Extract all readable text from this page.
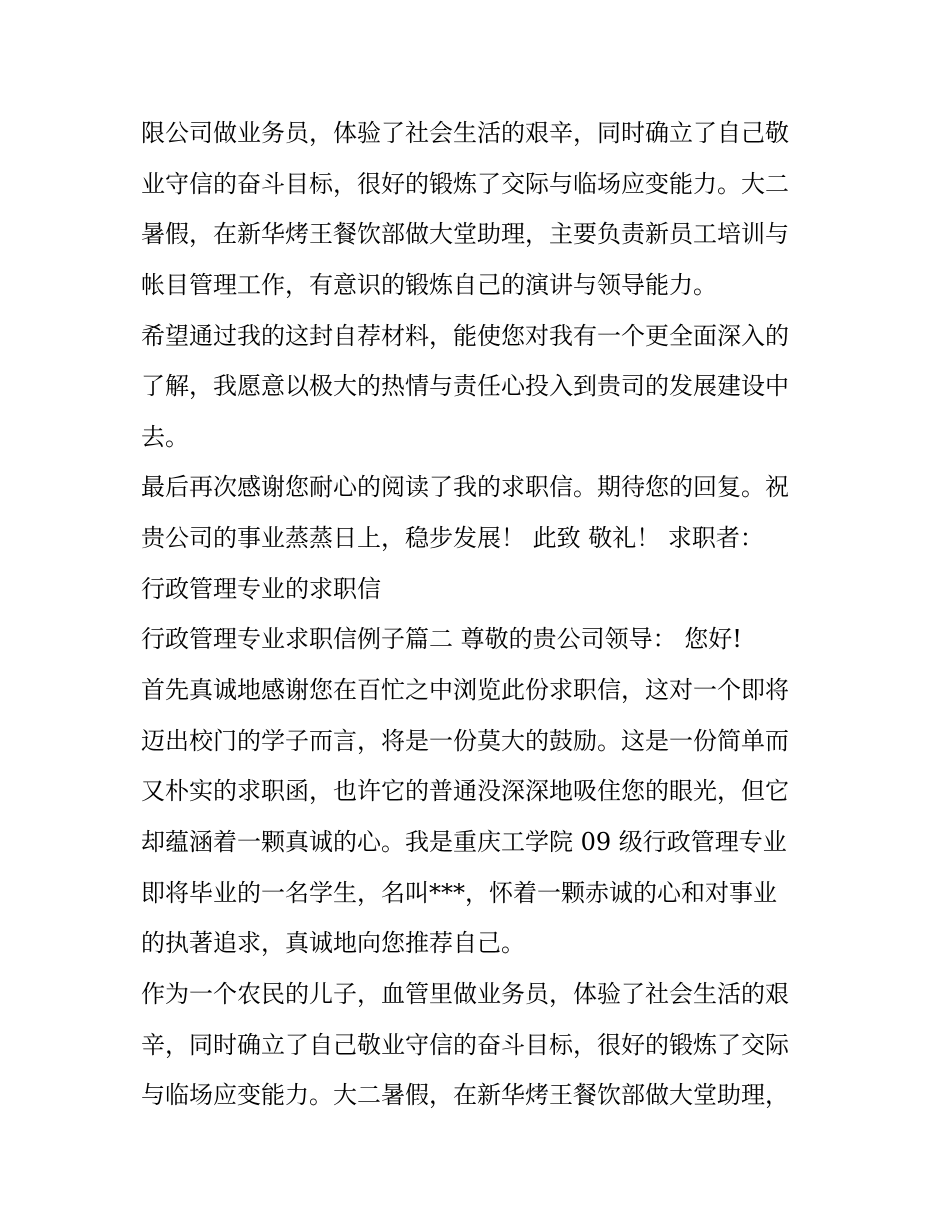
限公司做业务员，体验了社会生活的艰辛，同时确立了自己敬
业守信的奋斗目标，很好的锻炼了交际与临场应变能力。大二
暑假，在新华烤王餐饮部做大堂助理，主要负责新员工培训与
帐目管理工作，有意识的锻炼自己的演讲与领导能力。
希望通过我的这封自荐材料，能使您对我有一个更全面深入的
了解，我愿意以极大的热情与责任心投入到贵司的发展建设中
去。
最后再次感谢您耐心的阅读了我的求职信。期待您的回复。祝
贵公司的事业蒸蒸日上，稳步发展！ 此致 敬礼！ 求职者：
行政管理专业的求职信
行政管理专业求职信例子篇二 尊敬的贵公司领导： 您好!
首先真诚地感谢您在百忙之中浏览此份求职信，这对一个即将
迈出校门的学子而言，将是一份莫大的鼓励。这是一份简单而
又朴实的求职函，也许它的普通没深深地吸住您的眼光，但它
却蕴涵着一颗真诚的心。我是重庆工学院 09 级行政管理专业
即将毕业的一名学生，名叫***，怀着一颗赤诚的心和对事业
的执著追求，真诚地向您推荐自己。
作为一个农民的儿子，血管里做业务员，体验了社会生活的艰
辛，同时确立了自己敬业守信的奋斗目标，很好的锻炼了交际
与临场应变能力。大二暑假，在新华烤王餐饮部做大堂助理，
